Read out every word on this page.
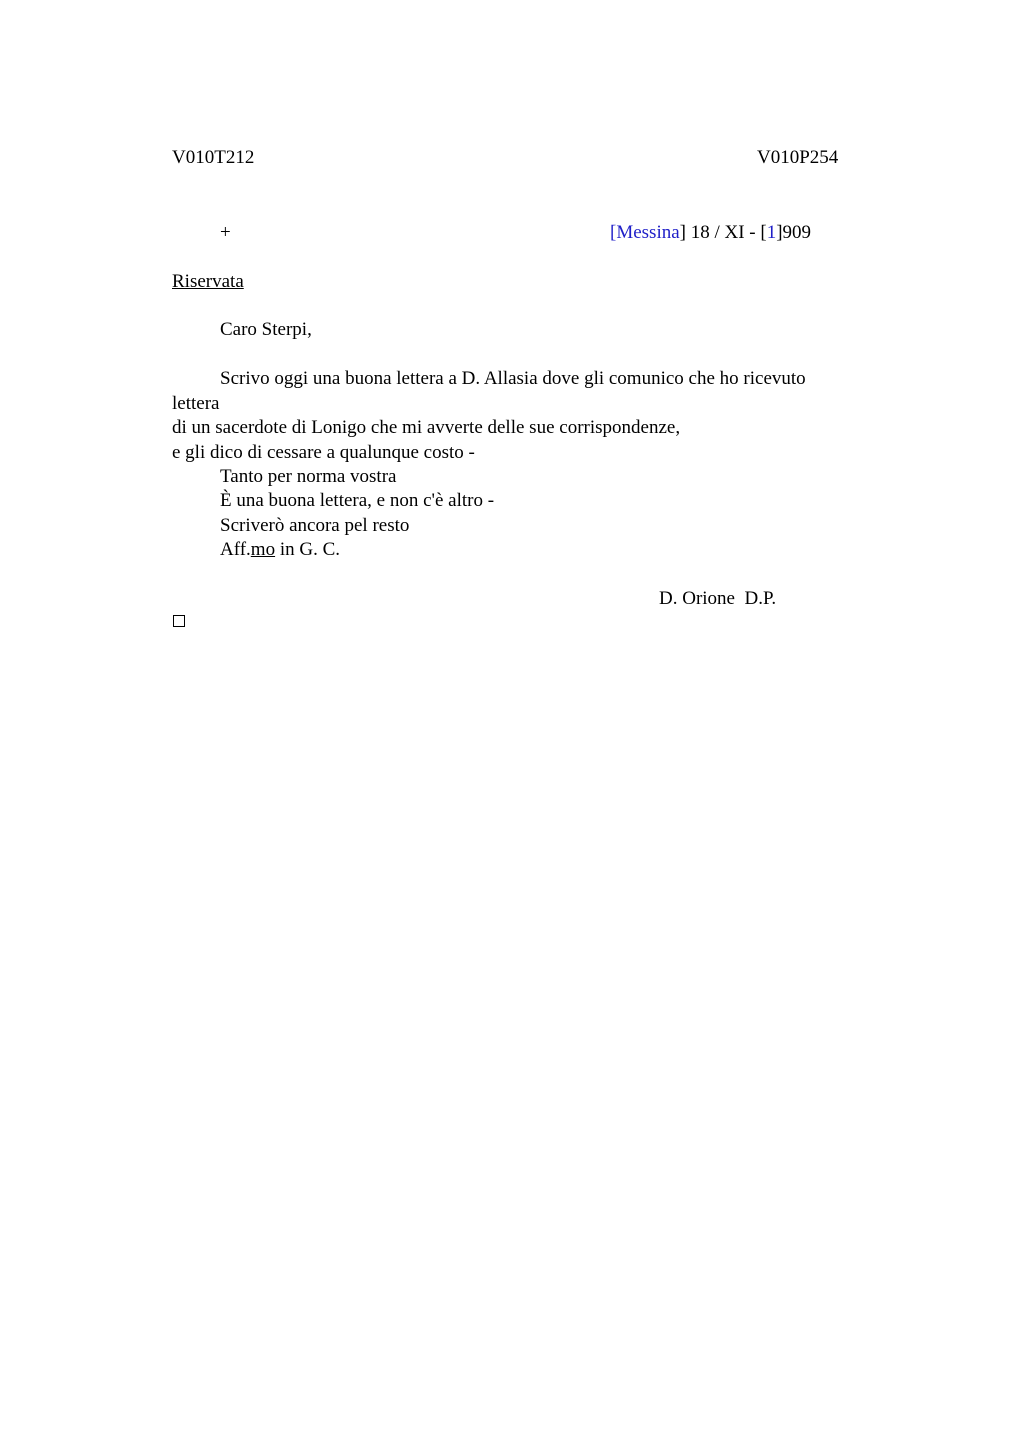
V010T212	V010P254
+	[Messina] 18 / XI - [1]909
Riservata
Caro Sterpi,
Scrivo oggi una buona lettera a D. Allasia dove gli comunico che ho ricevuto
lettera
di un sacerdote di Lonigo che mi avverte delle sue corrispondenze,
e gli dico di cessare a qualunque costo -
Tanto per norma vostra
È una buona lettera, e non c'è altro -
Scriverò ancora pel resto
Aff.mo in G. C.
D. Orione  D.P.
